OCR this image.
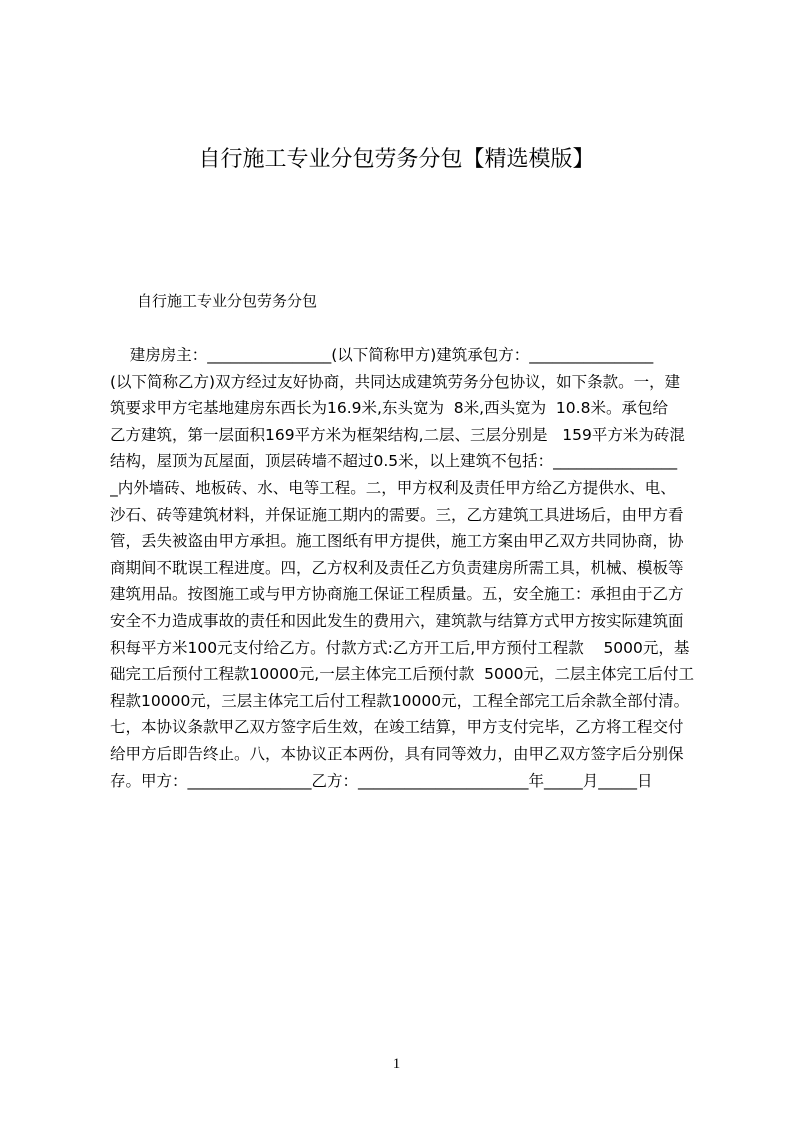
自行施工专业分包劳务分包【精选模版】
自行施工专业分包劳务分包
建房房主：________________(以下简称甲方)建筑承包方：________________
(以下简称乙方)双方经过友好协商，共同达成建筑劳务分包协议，如下条款。一，建
筑要求甲方宅基地建房东西长为16.9米,东头宽为  8米,西头宽为  10.8米。承包给
乙方建筑，第一层面积169平方米为框架结构,二层、三层分别是   159平方米为砖混
结构，屋顶为瓦屋面，顶层砖墙不超过0.5米，以上建筑不包括：________________
_内外墙砖、地板砖、水、电等工程。二，甲方权利及责任甲方给乙方提供水、电、
沙石、砖等建筑材料，并保证施工期内的需要。三，乙方建筑工具进场后，由甲方看
管，丢失被盗由甲方承担。施工图纸有甲方提供，施工方案由甲乙双方共同协商，协
商期间不耽误工程进度。四，乙方权利及责任乙方负责建房所需工具，机械、模板等
建筑用品。按图施工或与甲方协商施工保证工程质量。五，安全施工：承担由于乙方
安全不力造成事故的责任和因此发生的费用六，建筑款与结算方式甲方按实际建筑面
积每平方米100元支付给乙方。付款方式:乙方开工后,甲方预付工程款    5000元，基
础完工后预付工程款10000元,一层主体完工后预付款  5000元，二层主体完工后付工
程款10000元，三层主体完工后付工程款10000元，工程全部完工后余款全部付清。
七，本协议条款甲乙双方签字后生效，在竣工结算，甲方支付完毕，乙方将工程交付
给甲方后即告终止。八，本协议正本两份，具有同等效力，由甲乙双方签字后分别保
存。甲方：________________乙方：______________________年_____月_____日
1
